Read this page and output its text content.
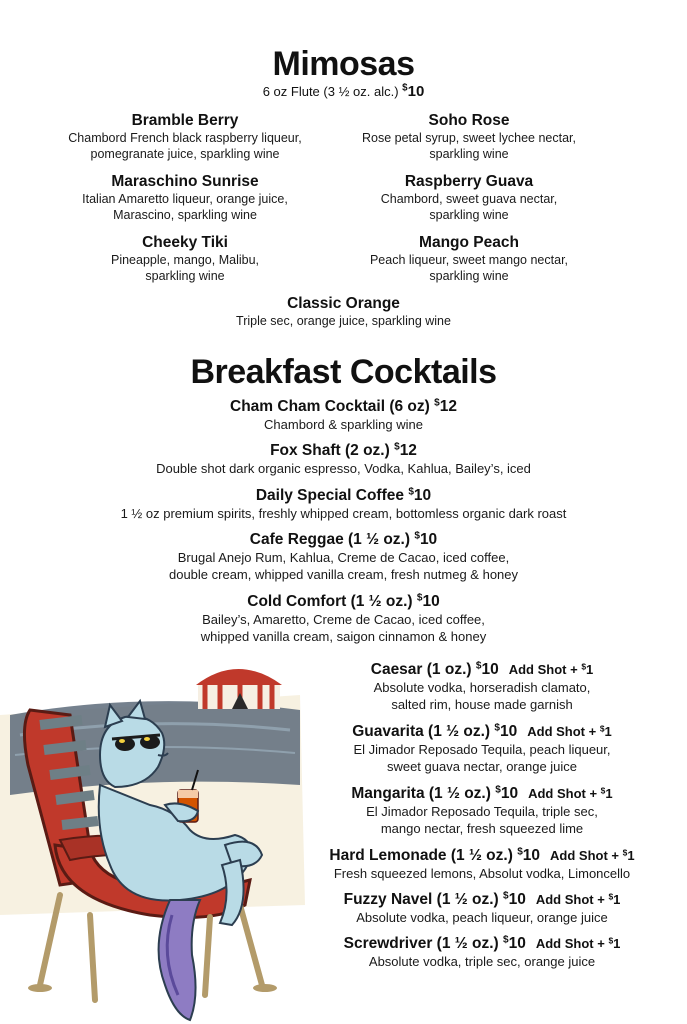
Mimosas
6 oz Flute (3 ½ oz. alc.) $10
Bramble Berry
Chambord French black raspberry liqueur,
pomegranate juice, sparkling wine
Soho Rose
Rose petal syrup, sweet lychee nectar,
sparkling wine
Maraschino Sunrise
Italian Amaretto liqueur, orange juice,
Marascino, sparkling wine
Raspberry Guava
Chambord, sweet guava nectar,
sparkling wine
Cheeky Tiki
Pineapple, mango, Malibu,
sparkling wine
Mango Peach
Peach liqueur, sweet mango nectar,
sparkling wine
Classic Orange
Triple sec, orange juice, sparkling wine
Breakfast Cocktails
Cham Cham Cocktail (6 oz) $12
Chambord & sparkling wine
Fox Shaft (2 oz.) $12
Double shot dark organic espresso, Vodka, Kahlua, Bailey’s, iced
Daily Special Coffee $10
1 ½ oz premium spirits, freshly whipped cream, bottomless organic dark roast
Cafe Reggae (1 ½ oz.) $10
Brugal Anejo Rum, Kahlua, Creme de Cacao, iced coffee,
double cream, whipped vanilla cream, fresh nutmeg & honey
Cold Comfort (1 ½ oz.) $10
Bailey’s, Amaretto, Creme de Cacao, iced coffee,
whipped vanilla cream, saigon cinnamon & honey
Caesar (1 oz.) $10 Add Shot + $1
Absolute vodka, horseradish clamato,
salted rim, house made garnish
Guavarita (1 ½ oz.) $10 Add Shot + $1
El Jimador Reposado Tequila, peach liqueur,
sweet guava nectar, orange juice
Mangarita (1 ½ oz.) $10 Add Shot + $1
El Jimador Reposado Tequila, triple sec,
mango nectar, fresh squeezed lime
Hard Lemonade (1 ½ oz.) $10 Add Shot + $1
Fresh squeezed lemons, Absolut vodka, Limoncello
Fuzzy Navel (1 ½ oz.) $10 Add Shot + $1
Absolute vodka, peach liqueur, orange juice
Screwdriver (1 ½ oz.) $10 Add Shot + $1
Absolute vodka, triple sec, orange juice
